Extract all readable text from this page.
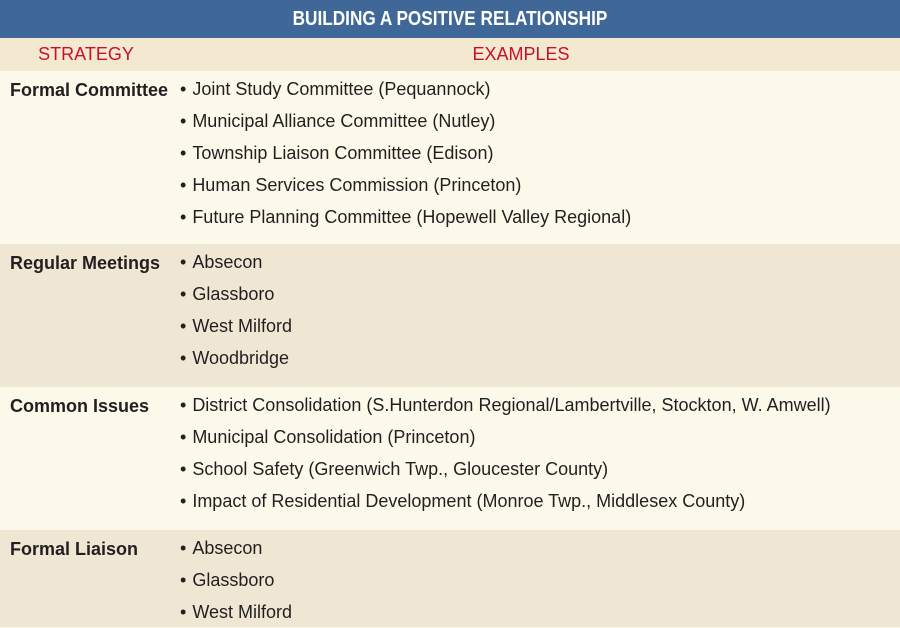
BUILDING A POSITIVE RELATIONSHIP
STRATEGY	EXAMPLES
Formal Committee • Joint Study Committee (Pequannock)
• Municipal Alliance Committee (Nutley)
• Township Liaison Committee (Edison)
• Human Services Commission (Princeton)
• Future Planning Committee (Hopewell Valley Regional)
Regular Meetings	• Absecon
• Glassboro
• West Milford
• Woodbridge
Common Issues	• District Consolidation (S.Hunterdon Regional/Lambertville, Stockton, W. Amwell)
• Municipal Consolidation (Princeton)
• School Safety (Greenwich Twp., Gloucester County)
• Impact of Residential Development (Monroe Twp., Middlesex County)
Formal Liaison	• Absecon
• Glassboro
• West Milford
